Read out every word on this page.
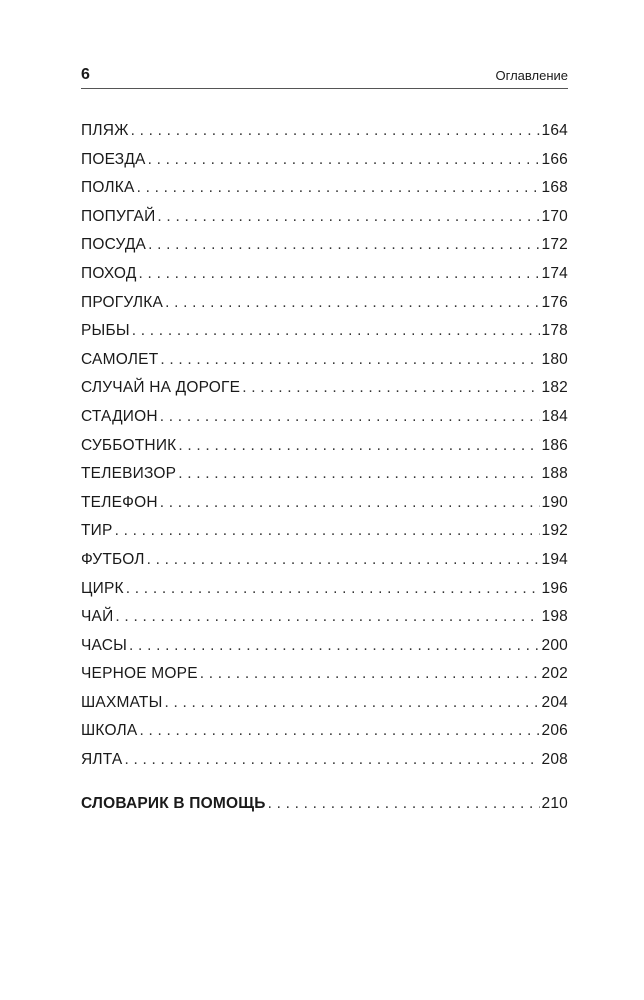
6	Оглавление
ПЛЯЖ . . .	164
ПОЕЗДА . . .	166
ПОЛКА . . .	168
ПОПУГАЙ . . .	170
ПОСУДА . . .	172
ПОХОД . . .	174
ПРОГУЛКА . . .	176
РЫБЫ . . .	178
САМОЛЕТ . . .	180
СЛУЧАЙ НА ДОРОГЕ . . .	182
СТАДИОН . . .	184
СУББОТНИК . . .	186
ТЕЛЕВИЗОР . . .	188
ТЕЛЕФОН . . .	190
ТИР . . .	192
ФУТБОЛ . . .	194
ЦИРК . . .	196
ЧАЙ . . .	198
ЧАСЫ . . .	200
ЧЕРНОЕ МОРЕ . . .	202
ШАХМАТЫ . . .	204
ШКОЛА . . .	206
ЯЛТА . . .	208
СЛОВАРИК В ПОМОЩЬ . . .	210
